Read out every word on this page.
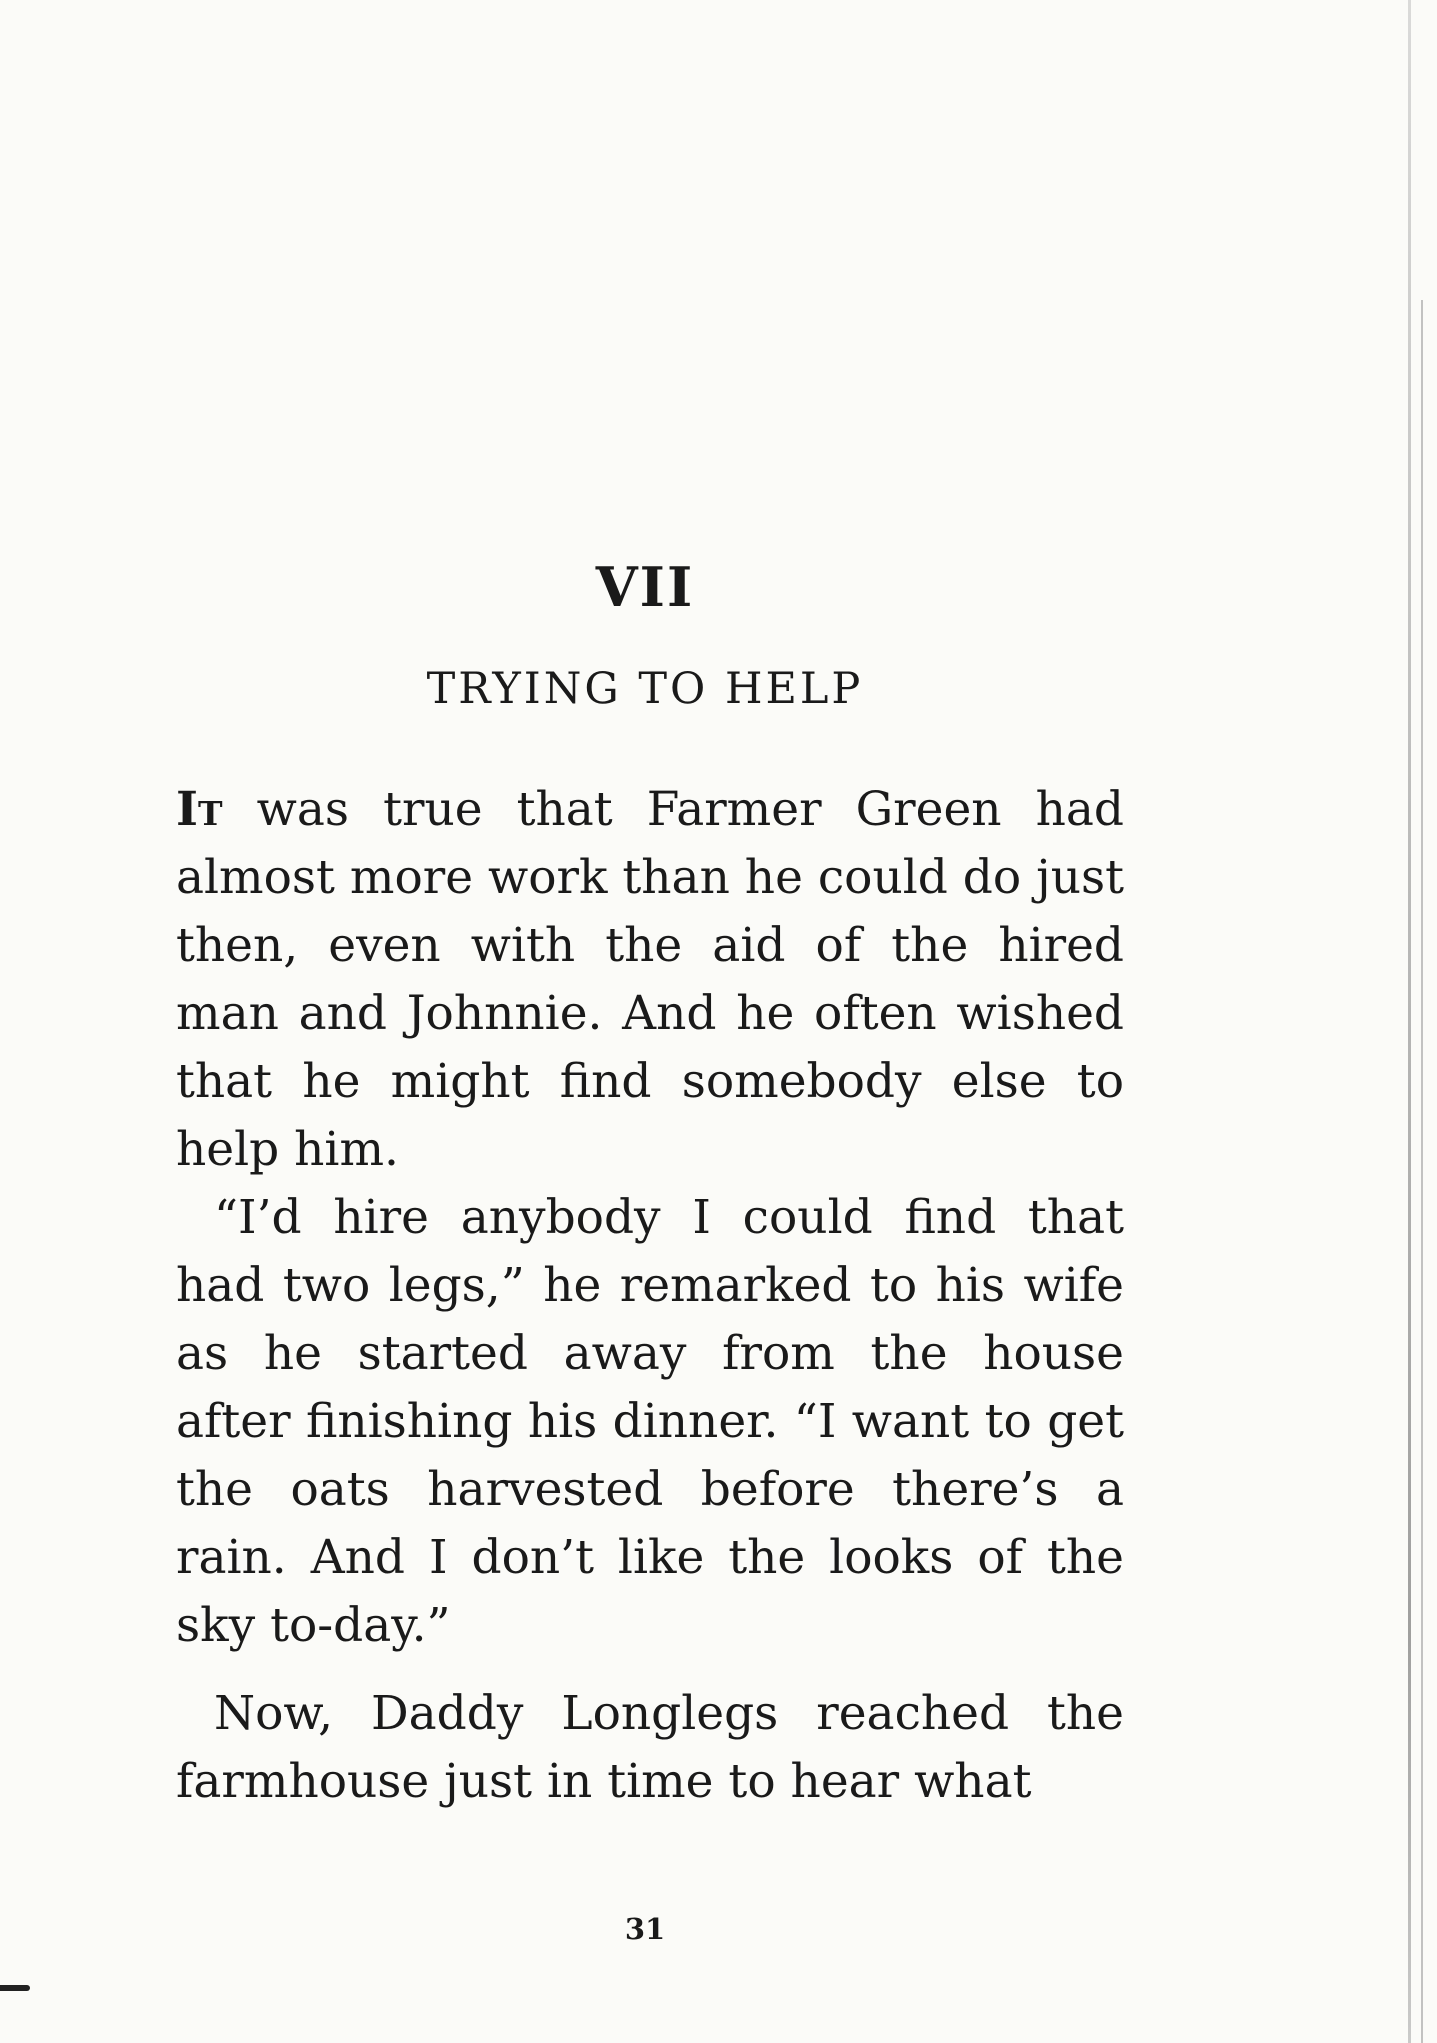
VII
TRYING TO HELP

It was true that Farmer Green had almost more work than he could do just then, even with the aid of the hired man and Johnnie. And he often wished that he might find somebody else to help him.

“I’d hire anybody I could find that had two legs,” he remarked to his wife as he started away from the house after finishing his dinner. “I want to get the oats harvested before there’s a rain. And I don’t like the looks of the sky to-day.”

Now, Daddy Longlegs reached the farmhouse just in time to hear what

31
